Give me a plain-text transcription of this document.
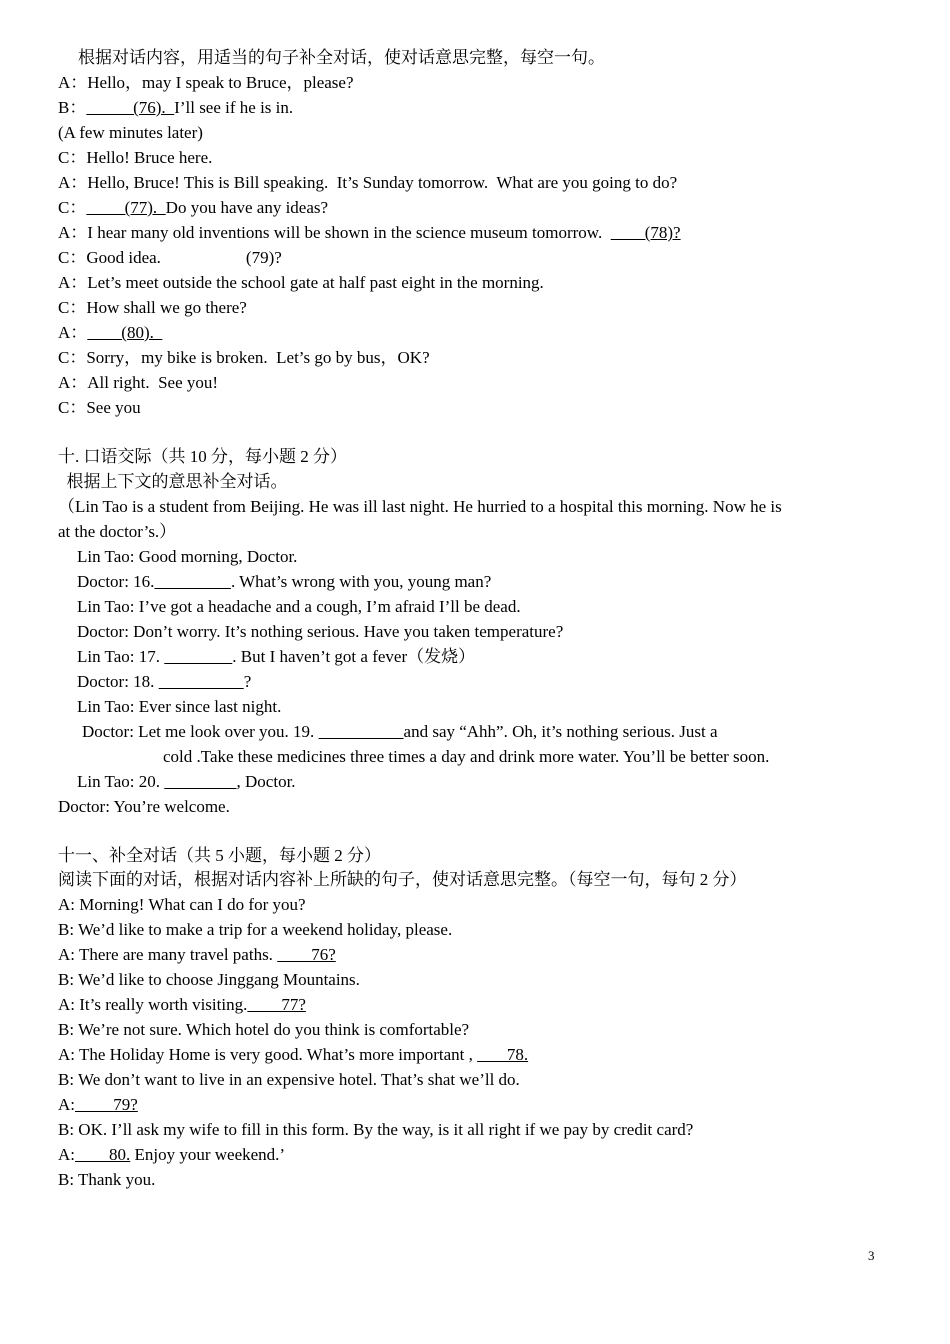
根据对话内容，用适当的句子补全对话，使对话意思完整，每空一句。
A：Hello，may I speak to Bruce，please?
B：           (76).  I’ll see if he is in.
(A few minutes later)
C：Hello! Bruce here.
A：Hello, Bruce! This is Bill speaking.  It’s Sunday tomorrow.  What are you going to do?
C：         (77).  Do you have any ideas?
A：I hear many old inventions will be shown in the science museum tomorrow.          (78)?
C：Good idea.                    (79)?
A：Let’s meet outside the school gate at half past eight in the morning.
C：How shall we go there?
A：        (80).
C：Sorry，my bike is broken.  Let’s go by bus，OK?
A：All right.  See you!
C：See you
十. 口语交际（共 10 分，每小题 2 分）
根据上下文的意思补全对话。
（Lin Tao is a student from Beijing. He was ill last night. He hurried to a hospital this morning. Now he is
at the doctor’s.）
Lin Tao: Good morning, Doctor.
Doctor: 16.	. What’s wrong with you, young man?
Lin Tao: I’ve got a headache and a cough, I’m afraid I’ll be dead.
Doctor: Don’t worry. It’s nothing serious. Have you taken temperature?
Lin Tao: 17.	. But I haven’t got a fever（发烧）
Doctor: 18.	?
Lin Tao: Ever since last night.
Doctor: Let me look over you. 19.	and say “Ahh”. Oh, it’s nothing serious. Just a
cold .Take these medicines three times a day and drink more water. You’ll be better soon.
Lin Tao: 20.	, Doctor.
Doctor: You’re welcome.
十一、补全对话（共 5 小题，每小题 2 分）
阅读下面的对话，根据对话内容补上所缺的句子，使对话意思完整。（每空一句，每句 2 分）
A: Morning! What can I do for you?
B: We’d like to make a trip for a weekend holiday, please.
A: There are many travel paths.         76?
B: We’d like to choose Jinggang Mountains.
A: It’s really worth visiting.        77?
B: We’re not sure. Which hotel do you think is comfortable?
A: The Holiday Home is very good. What’s more important ,        78.
B: We don’t want to live in an expensive hotel. That’s shat we’ll do.
A:         79?
B: OK. I’ll ask my wife to fill in this form. By the way, is it all right if we pay by credit card?
A:        80. Enjoy your weekend.’
B: Thank you.
3
